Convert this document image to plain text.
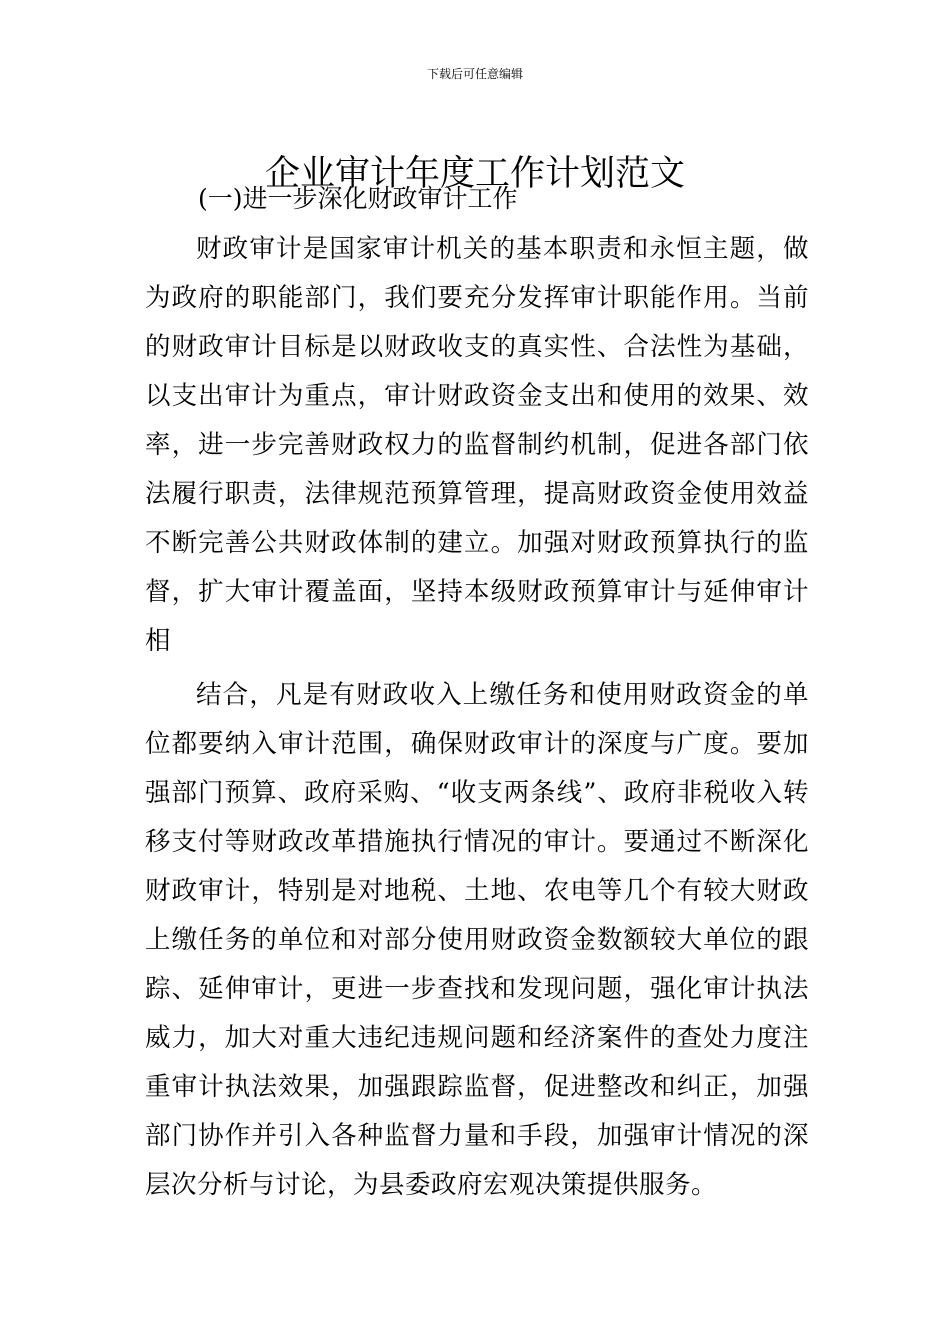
下载后可任意编辑
企业审计年度工作计划范文
(一)进一步深化财政审计工作

财政审计是国家审计机关的基本职责和永恒主题，做为政府的职能部门，我们要充分发挥审计职能作用。当前的财政审计目标是以财政收支的真实性、合法性为基础，以支出审计为重点，审计财政资金支出和使用的效果、效率，进一步完善财政权力的监督制约机制，促进各部门依法履行职责，法律规范预算管理，提高财政资金使用效益不断完善公共财政体制的建立。加强对财政预算执行的监督，扩大审计覆盖面，坚持本级财政预算审计与延伸审计相

结合，凡是有财政收入上缴任务和使用财政资金的单位都要纳入审计范围，确保财政审计的深度与广度。要加强部门预算、政府采购、“收支两条线”、政府非税收入转移支付等财政改革措施执行情况的审计。要通过不断深化财政审计，特别是对地税、土地、农电等几个有较大财政上缴任务的单位和对部分使用财政资金数额较大单位的跟踪、延伸审计，更进一步查找和发现问题，强化审计执法威力，加大对重大违纪违规问题和经济案件的查处力度注重审计执法效果，加强跟踪监督，促进整改和纠正，加强部门协作并引入各种监督力量和手段，加强审计情况的深层次分析与讨论，为县委政府宏观决策提供服务。
